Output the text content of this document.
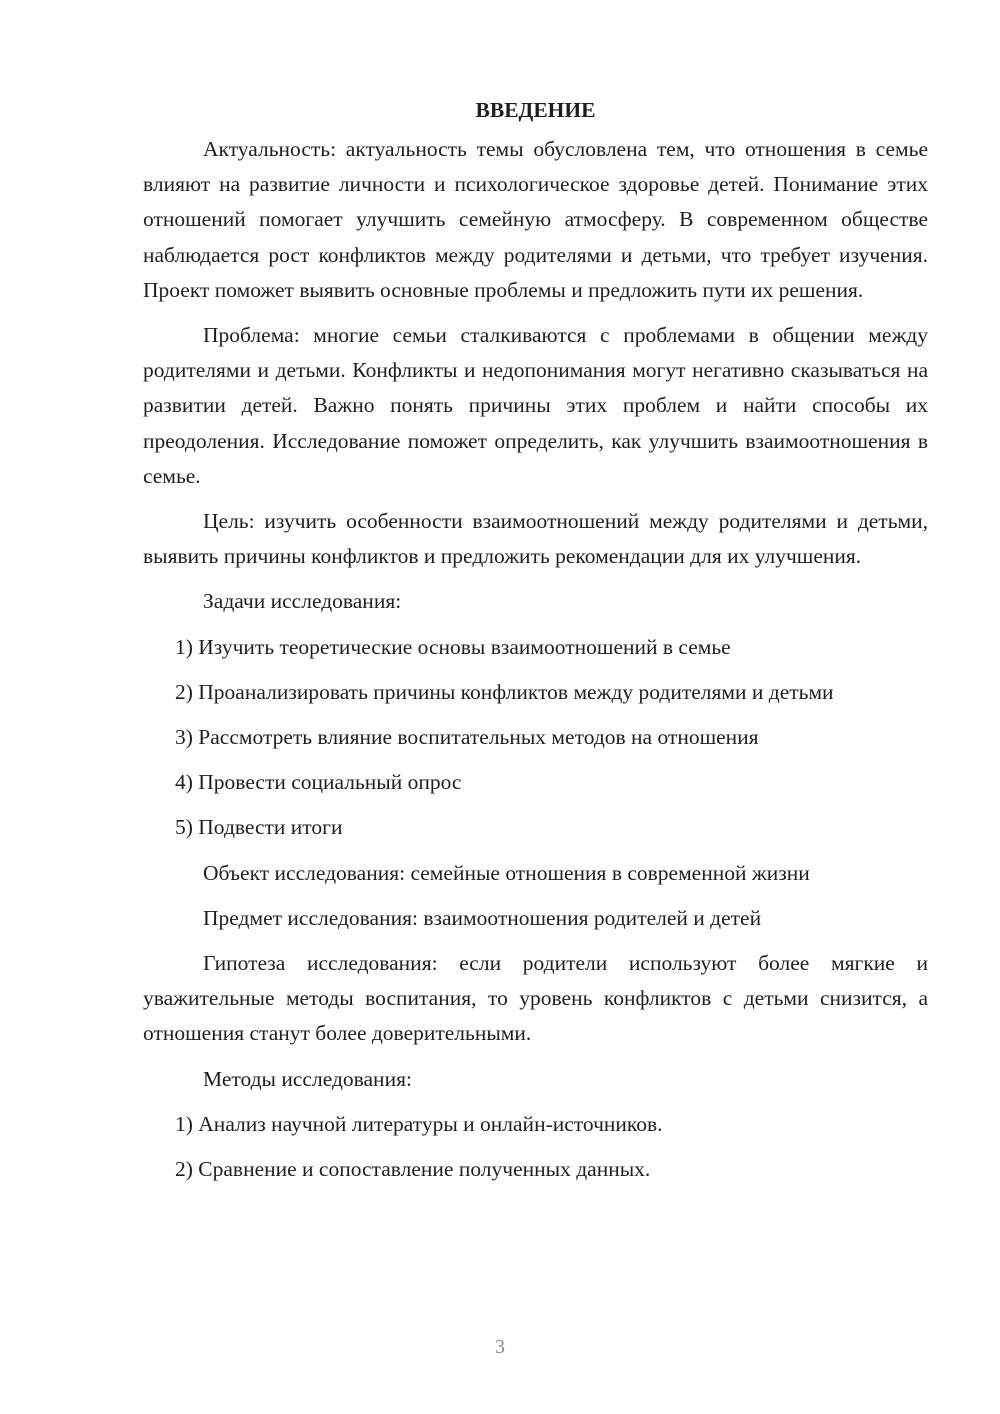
ВВЕДЕНИЕ

Актуальность: актуальность темы обусловлена тем, что отношения в семье влияют на развитие личности и психологическое здоровье детей. Понимание этих отношений помогает улучшить семейную атмосферу. В современном обществе наблюдается рост конфликтов между родителями и детьми, что требует изучения. Проект поможет выявить основные проблемы и предложить пути их решения.

Проблема: многие семьи сталкиваются с проблемами в общении между родителями и детьми. Конфликты и недопонимания могут негативно сказываться на развитии детей. Важно понять причины этих проблем и найти способы их преодоления. Исследование поможет определить, как улучшить взаимоотношения в семье.

Цель: изучить особенности взаимоотношений между родителями и детьми, выявить причины конфликтов и предложить рекомендации для их улучшения.

Задачи исследования:

1) Изучить теоретические основы взаимоотношений в семье

2) Проанализировать причины конфликтов между родителями и детьми

3) Рассмотреть влияние воспитательных методов на отношения

4) Провести социальный опрос

5) Подвести итоги

Объект исследования: семейные отношения в современной жизни

Предмет исследования: взаимоотношения родителей и детей

Гипотеза исследования: если родители используют более мягкие и уважительные методы воспитания, то уровень конфликтов с детьми снизится, а отношения станут более доверительными.

Методы исследования:

1) Анализ научной литературы и онлайн-источников.

2) Сравнение и сопоставление полученных данных.

3
